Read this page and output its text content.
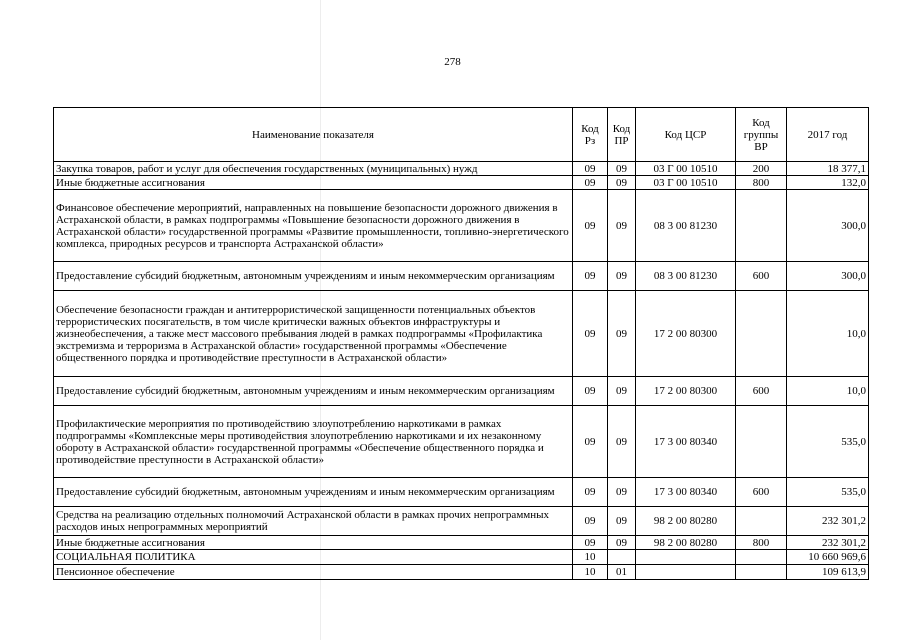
278
Наименование показателя	Код Рз	Код ПР	Код ЦСР	Код группы ВР	2017 год
Закупка товаров, работ и услуг для обеспечения государственных (муниципальных) нужд	09	09	03 Г 00 10510	200	18 377,1
Иные бюджетные ассигнования	09	09	03 Г 00 10510	800	132,0
Финансовое обеспечение мероприятий, направленных на повышение безопасности дорожного движения в Астраханской области, в рамках подпрограммы «Повышение безопасности дорожного движения в Астраханской области» государственной программы «Развитие промышленности, топливно-энергетического комплекса, природных ресурсов и транспорта Астраханской области»	09	09	08 3 00 81230		300,0
Предоставление субсидий бюджетным, автономным учреждениям и иным некоммерческим организациям	09	09	08 3 00 81230	600	300,0
Обеспечение безопасности граждан и антитеррористической защищенности потенциальных объектов террористических посягательств, в том числе критически важных объектов инфраструктуры и жизнеобеспечения, а также мест массового пребывания людей в рамках подпрограммы «Профилактика экстремизма и терроризма в Астраханской области» государственной программы «Обеспечение общественного порядка и противодействие преступности в Астраханской области»	09	09	17 2 00 80300		10,0
Предоставление субсидий бюджетным, автономным учреждениям и иным некоммерческим организациям	09	09	17 2 00 80300	600	10,0
Профилактические мероприятия по противодействию злоупотреблению наркотиками в рамках подпрограммы «Комплексные меры противодействия злоупотреблению наркотиками и их незаконному обороту в Астраханской области» государственной программы «Обеспечение общественного порядка и противодействие преступности в Астраханской области»	09	09	17 3 00 80340		535,0
Предоставление субсидий бюджетным, автономным учреждениям и иным некоммерческим организациям	09	09	17 3 00 80340	600	535,0
Средства на реализацию отдельных полномочий Астраханской области в рамках прочих непрограммных расходов иных непрограммных мероприятий	09	09	98 2 00 80280		232 301,2
Иные бюджетные ассигнования	09	09	98 2 00 80280	800	232 301,2
СОЦИАЛЬНАЯ ПОЛИТИКА	10				10 660 969,6
Пенсионное обеспечение	10	01			109 613,9
